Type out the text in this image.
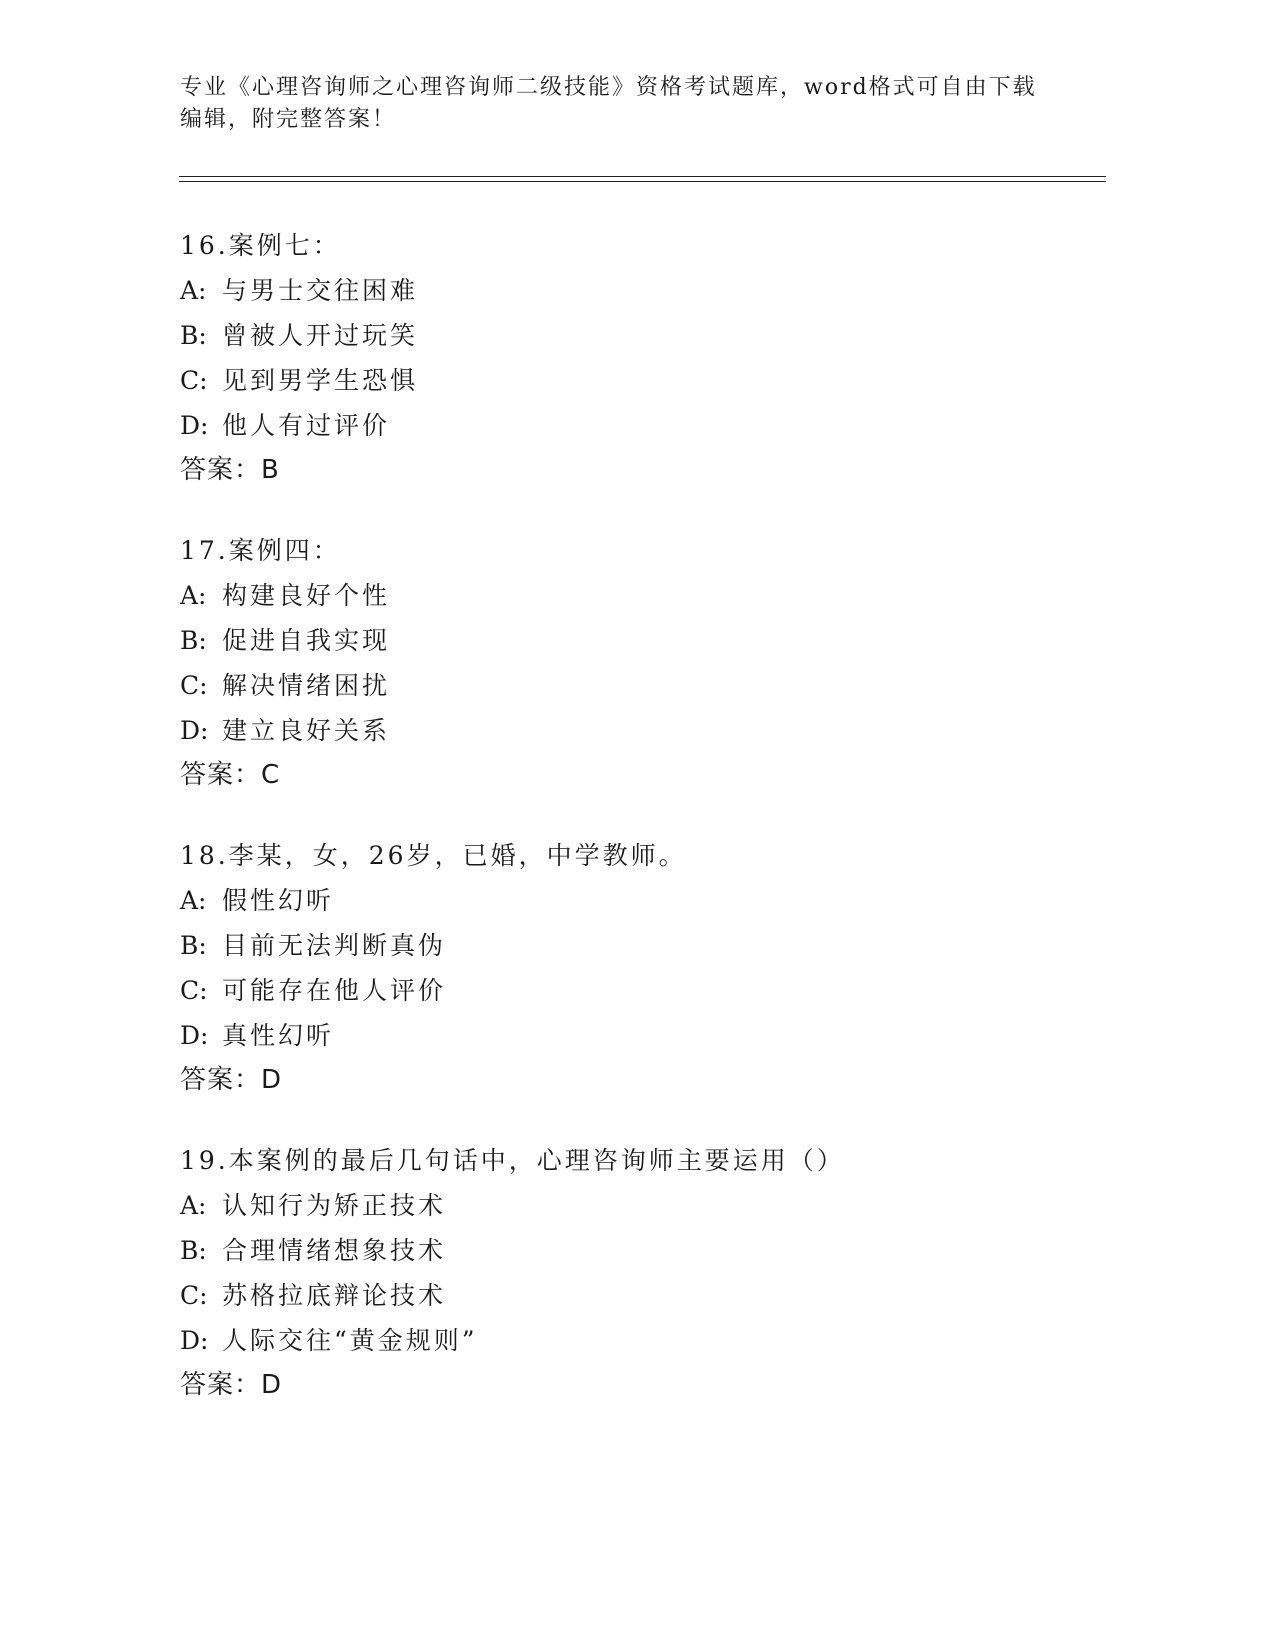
专业《心理咨询师之心理咨询师二级技能》资格考试题库，word格式可自由下载
编辑，附完整答案！
16.案例七：
A: 与男士交往困难
B: 曾被人开过玩笑
C: 见到男学生恐惧
D: 他人有过评价
答案：B
17.案例四：
A: 构建良好个性
B: 促进自我实现
C: 解决情绪困扰
D: 建立良好关系
答案：C
18.李某，女，26岁，已婚，中学教师。
A: 假性幻听
B: 目前无法判断真伪
C: 可能存在他人评价
D: 真性幻听
答案：D
19.本案例的最后几句话中，心理咨询师主要运用（）
A: 认知行为矫正技术
B: 合理情绪想象技术
C: 苏格拉底辩论技术
D: 人际交往“黄金规则”
答案：D
